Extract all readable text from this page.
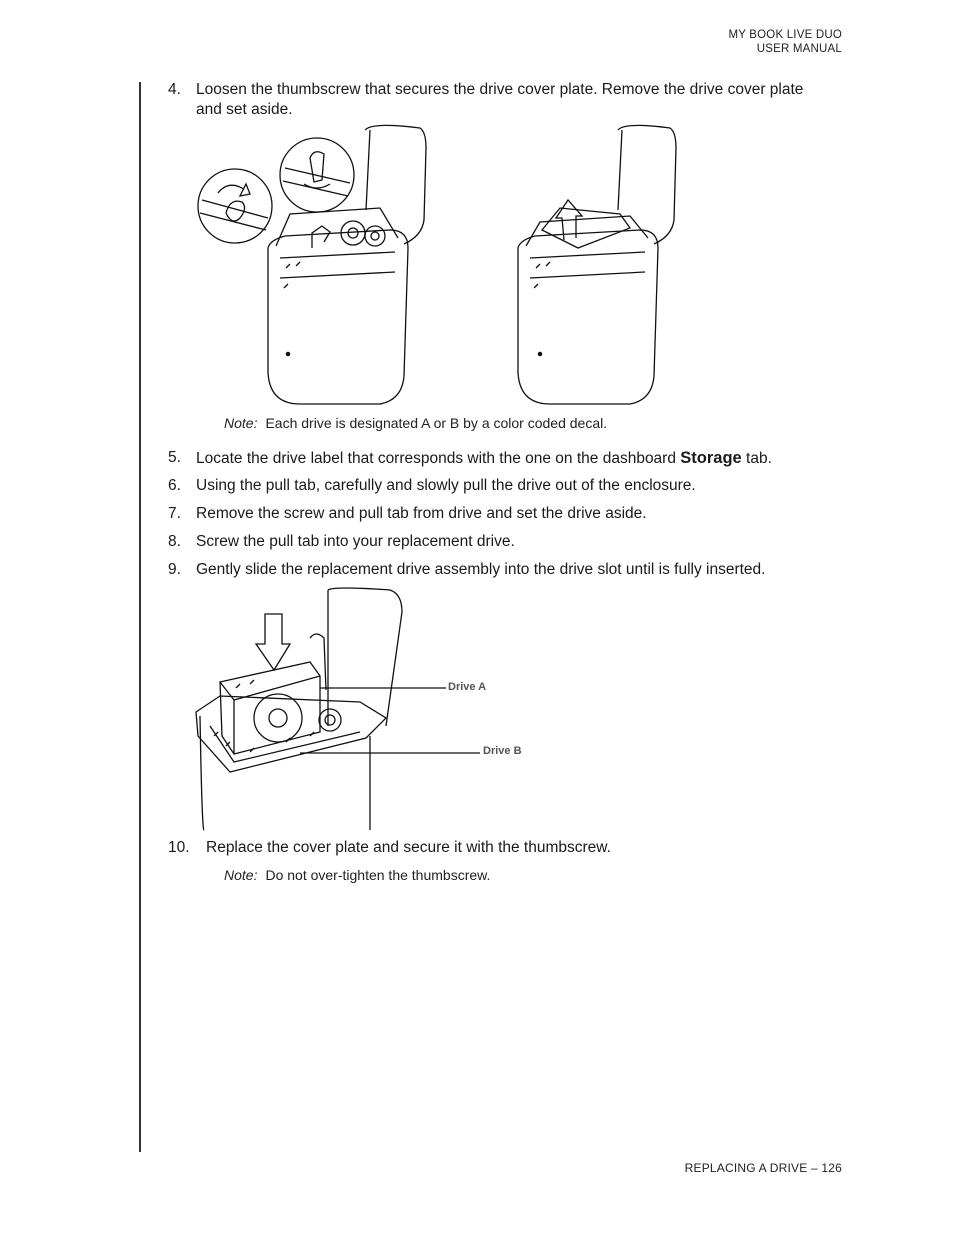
MY BOOK LIVE DUO
USER MANUAL
4. Loosen the thumbscrew that secures the drive cover plate. Remove the drive cover plate and set aside.
Note: Each drive is designated A or B by a color coded decal.
5. Locate the drive label that corresponds with the one on the dashboard Storage tab.
6. Using the pull tab, carefully and slowly pull the drive out of the enclosure.
7. Remove the screw and pull tab from drive and set the drive aside.
8. Screw the pull tab into your replacement drive.
9. Gently slide the replacement drive assembly into the drive slot until is fully inserted.
Drive A
Drive B
10. Replace the cover plate and secure it with the thumbscrew.
Note: Do not over-tighten the thumbscrew.
REPLACING A DRIVE – 126
